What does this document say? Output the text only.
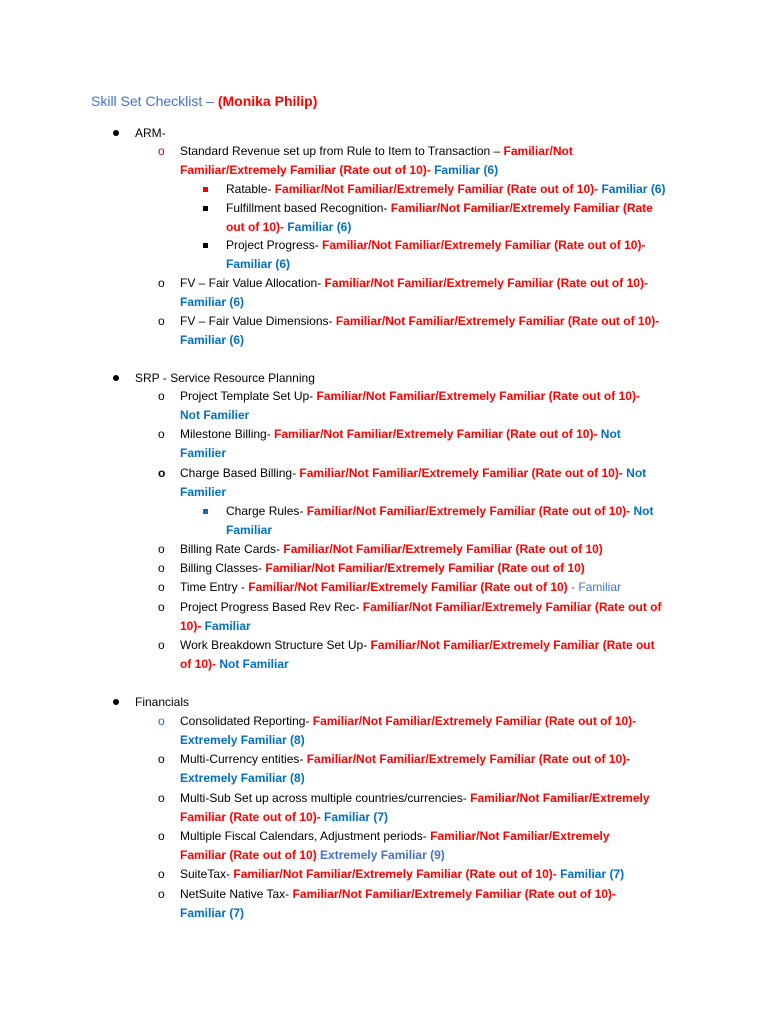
Skill Set Checklist – (Monika Philip)
ARM-
o Standard Revenue set up from Rule to Item to Transaction – Familiar/Not
Familiar/Extremely Familiar (Rate out of 10)- Familiar (6)
Ratable- Familiar/Not Familiar/Extremely Familiar (Rate out of 10)- Familiar (6)
Fulfillment based Recognition- Familiar/Not Familiar/Extremely Familiar (Rate
out of 10)- Familiar (6)
Project Progress- Familiar/Not Familiar/Extremely Familiar (Rate out of 10)-
Familiar (6)
o FV – Fair Value Allocation- Familiar/Not Familiar/Extremely Familiar (Rate out of 10)-
Familiar (6)
o FV – Fair Value Dimensions- Familiar/Not Familiar/Extremely Familiar (Rate out of 10)-
Familiar (6)
SRP - Service Resource Planning
o Project Template Set Up- Familiar/Not Familiar/Extremely Familiar (Rate out of 10)-
Not Familier
o Milestone Billing- Familiar/Not Familiar/Extremely Familiar (Rate out of 10)- Not
Familier
o Charge Based Billing- Familiar/Not Familiar/Extremely Familiar (Rate out of 10)- Not
Familier
Charge Rules- Familiar/Not Familiar/Extremely Familiar (Rate out of 10)- Not
Familiar
o Billing Rate Cards- Familiar/Not Familiar/Extremely Familiar (Rate out of 10)
o Billing Classes- Familiar/Not Familiar/Extremely Familiar (Rate out of 10)
o Time Entry - Familiar/Not Familiar/Extremely Familiar (Rate out of 10) - Familiar
o Project Progress Based Rev Rec- Familiar/Not Familiar/Extremely Familiar (Rate out of
10)- Familiar
o Work Breakdown Structure Set Up- Familiar/Not Familiar/Extremely Familiar (Rate out
of 10)- Not Familiar
Financials
o Consolidated Reporting- Familiar/Not Familiar/Extremely Familiar (Rate out of 10)-
Extremely Familiar (8)
o Multi-Currency entities- Familiar/Not Familiar/Extremely Familiar (Rate out of 10)-
Extremely Familiar (8)
o Multi-Sub Set up across multiple countries/currencies- Familiar/Not Familiar/Extremely
Familiar (Rate out of 10)- Familiar (7)
o Multiple Fiscal Calendars, Adjustment periods- Familiar/Not Familiar/Extremely
Familiar (Rate out of 10) Extremely Familiar (9)
o SuiteTax- Familiar/Not Familiar/Extremely Familiar (Rate out of 10)- Familiar (7)
o NetSuite Native Tax- Familiar/Not Familiar/Extremely Familiar (Rate out of 10)-
Familiar (7)
